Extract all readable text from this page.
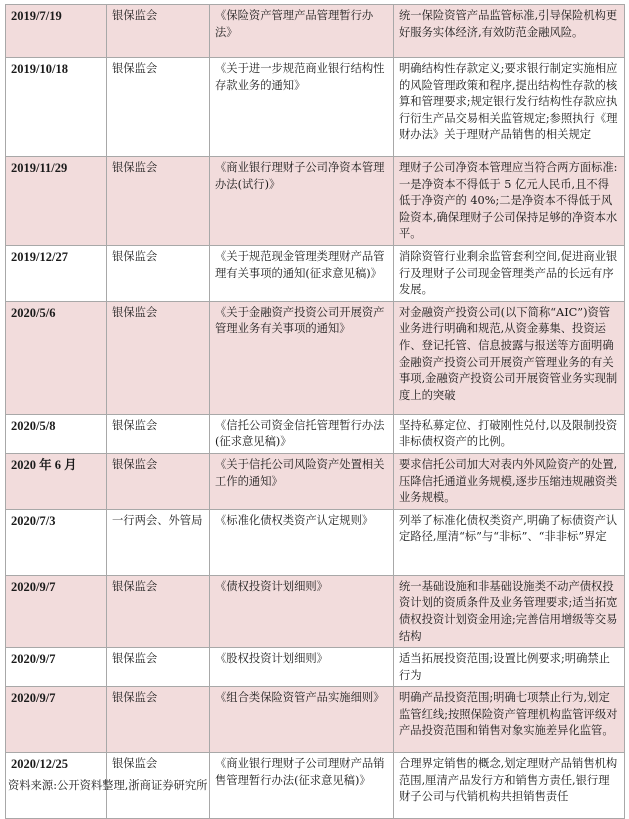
2019/7/19	银保监会	《保险资产管理产品管理暂行办法》	统一保险资管产品监管标准,引导保险机构更好服务实体经济,有效防范金融风险。
2019/10/18	银保监会	《关于进一步规范商业银行结构性存款业务的通知》	明确结构性存款定义;要求银行制定实施相应的风险管理政策和程序,提出结构性存款的核算和管理要求;规定银行发行结构性存款应执行衍生产品交易相关监管规定;参照执行《理财办法》关于理财产品销售的相关规定
2019/11/29	银保监会	《商业银行理财子公司净资本管理办法(试行)》	理财子公司净资本管理应当符合两方面标准:一是净资本不得低于 5 亿元人民币,且不得低于净资产的 40%;二是净资本不得低于风险资本,确保理财子公司保持足够的净资本水平。
2019/12/27	银保监会	《关于规范现金管理类理财产品管理有关事项的通知(征求意见稿)》	消除资管行业剩余监管套利空间,促进商业银行及理财子公司现金管理类产品的长远有序发展。
2020/5/6	银保监会	《关于金融资产投资公司开展资产管理业务有关事项的通知》	对金融资产投资公司(以下简称“AIC”)资管业务进行明确和规范,从资金募集、投资运作、登记托管、信息披露与报送等方面明确金融资产投资公司开展资产管理业务的有关事项,金融资产投资公司开展资管业务实现制度上的突破
2020/5/8	银保监会	《信托公司资金信托管理暂行办法(征求意见稿)》	坚持私募定位、打破刚性兑付,以及限制投资非标债权资产的比例。
2020 年 6 月	银保监会	《关于信托公司风险资产处置相关工作的通知》	要求信托公司加大对表内外风险资产的处置,压降信托通道业务规模,逐步压缩违规融资类业务规模。
2020/7/3	一行两会、外管局	《标准化债权类资产认定规则》	列举了标准化债权类资产,明确了标债资产认定路径,厘清“标”与“非标”、“非非标”界定
2020/9/7	银保监会	《债权投资计划细则》	统一基础设施和非基础设施类不动产债权投资计划的资质条件及业务管理要求;适当拓宽债权投资计划资金用途;完善信用增级等交易结构
2020/9/7	银保监会	《股权投资计划细则》	适当拓展投资范围;设置比例要求;明确禁止行为
2020/9/7	银保监会	《组合类保险资管产品实施细则》	明确产品投资范围;明确七项禁止行为,划定监管红线;按照保险资产管理机构监管评级对产品投资范围和销售对象实施差异化监管。
2020/12/25	银保监会	《商业银行理财子公司理财产品销售管理暂行办法(征求意见稿)》	合理界定销售的概念,划定理财产品销售机构范围,厘清产品发行方和销售方责任,银行理财子公司与代销机构共担销售责任
资料来源:公开资料整理,浙商证券研究所
